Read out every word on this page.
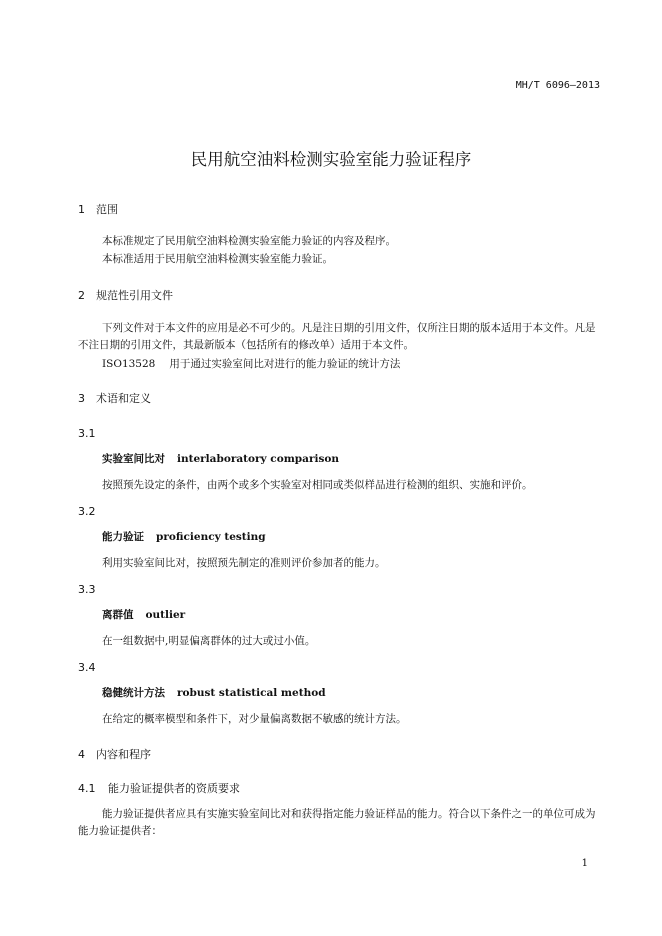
MH/T 6096—2013
民用航空油料检测实验室能力验证程序
1 范围
本标准规定了民用航空油料检测实验室能力验证的内容及程序。
本标准适用于民用航空油料检测实验室能力验证。
2 规范性引用文件
下列文件对于本文件的应用是必不可少的。凡是注日期的引用文件，仅所注日期的版本适用于本文件。凡是不注日期的引用文件，其最新版本（包括所有的修改单）适用于本文件。
ISO13528 用于通过实验室间比对进行的能力验证的统计方法
3 术语和定义
3.1
实验室间比对 interlaboratory comparison
按照预先设定的条件，由两个或多个实验室对相同或类似样品进行检测的组织、实施和评价。
3.2
能力验证 proficiency testing
利用实验室间比对，按照预先制定的准则评价参加者的能力。
3.3
离群值 outlier
在一组数据中,明显偏离群体的过大或过小值。
3.4
稳健统计方法 robust statistical method
在给定的概率模型和条件下，对少量偏离数据不敏感的统计方法。
4 内容和程序
4.1 能力验证提供者的资质要求
能力验证提供者应具有实施实验室间比对和获得指定能力验证样品的能力。符合以下条件之一的单位可成为能力验证提供者：
1
